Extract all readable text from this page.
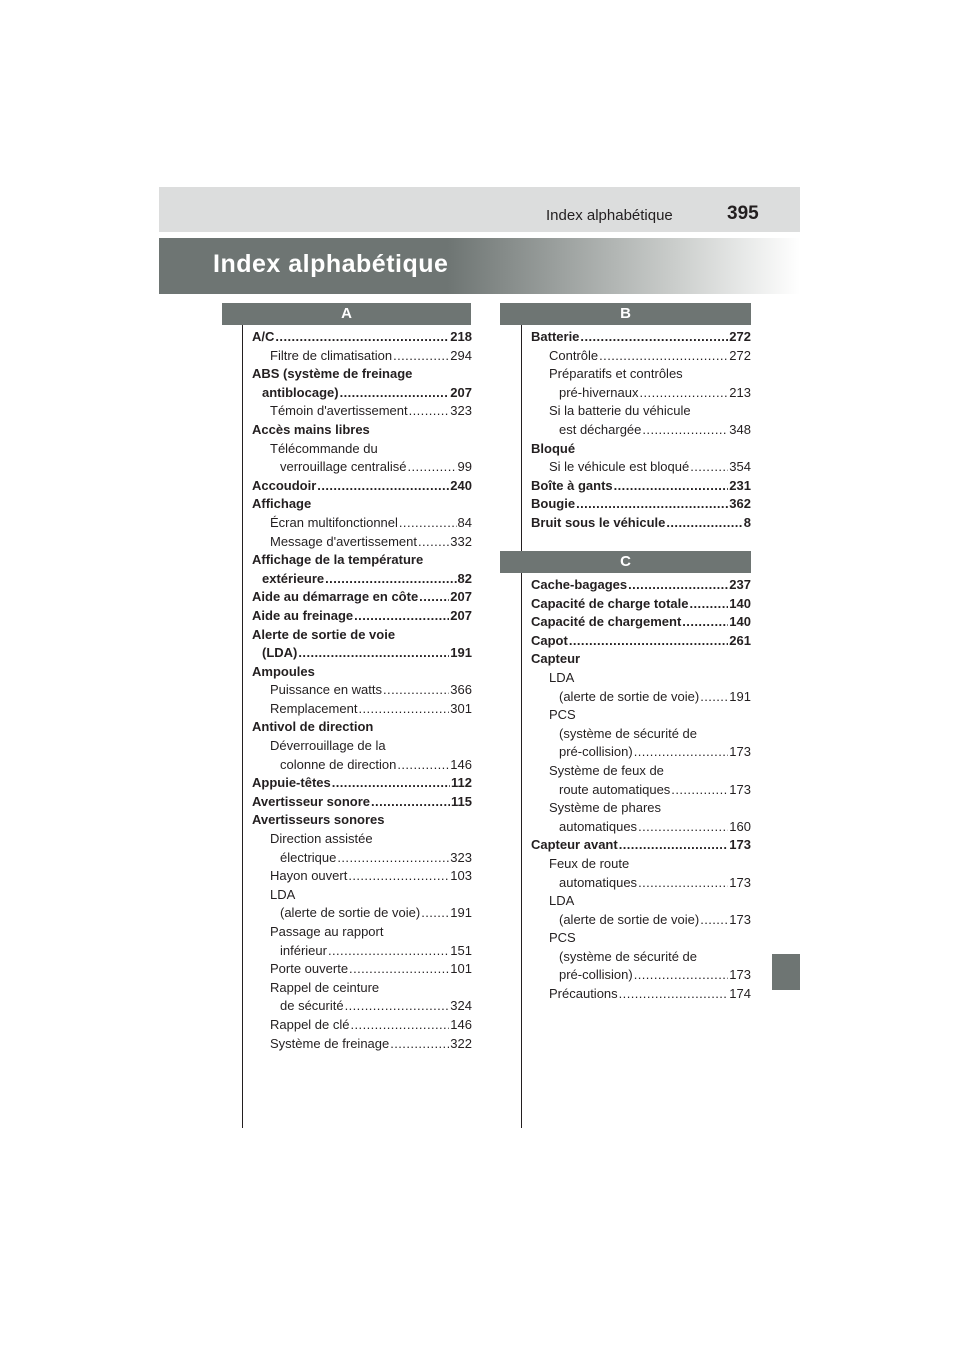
Index alphabétique	395
Index alphabétique
A
A/C . . .	218
Filtre de climatisation . . .	294
ABS (système de freinage
antiblocage) . . .	207
Témoin d'avertissement . . .	323
Accès mains libres
Télécommande du
verrouillage centralisé . . .	99
Accoudoir . . .	240
Affichage
Écran multifonctionnel . . .	84
Message d'avertissement . . .	332
Affichage de la température
extérieure . . .	82
Aide au démarrage en côte . . . 207
Aide au freinage . . .	207
Alerte de sortie de voie
(LDA) . . .	191
Ampoules
Puissance en watts . . .	366
Remplacement . . .	301
Antivol de direction
Déverrouillage de la
colonne de direction . . .	146
Appuie-têtes . . .	112
Avertisseur sonore . . .	115
Avertisseurs sonores
Direction assistée
électrique . . .	323
Hayon ouvert . . .	103
LDA
(alerte de sortie de voie) . . . 191
Passage au rapport
inférieur . . .	151
Porte ouverte . . .	101
Rappel de ceinture
de sécurité . . .	324
Rappel de clé . . .	146
Système de freinage . . .	322
B
Batterie . . .	272
Contrôle . . .	272
Préparatifs et contrôles
pré-hivernaux . . .	213
Si la batterie du véhicule
est déchargée . . .	348
Bloqué
Si le véhicule est bloqué . . .	354
Boîte à gants . . .	231
Bougie . . .	362
Bruit sous le véhicule . . .	8
C
Cache-bagages . . .	237
Capacité de charge totale . . .	140
Capacité de chargement . . .	140
Capot . . .	261
Capteur
LDA
(alerte de sortie de voie) . . . 191
PCS
(système de sécurité de
pré-collision) . . .	173
Système de feux de
route automatiques . . .	173
Système de phares
automatiques . . .	160
Capteur avant . . .	173
Feux de route
automatiques . . .	173
LDA
(alerte de sortie de voie) . . . 173
PCS
(système de sécurité de
pré-collision) . . .	173
Précautions . . .	174
